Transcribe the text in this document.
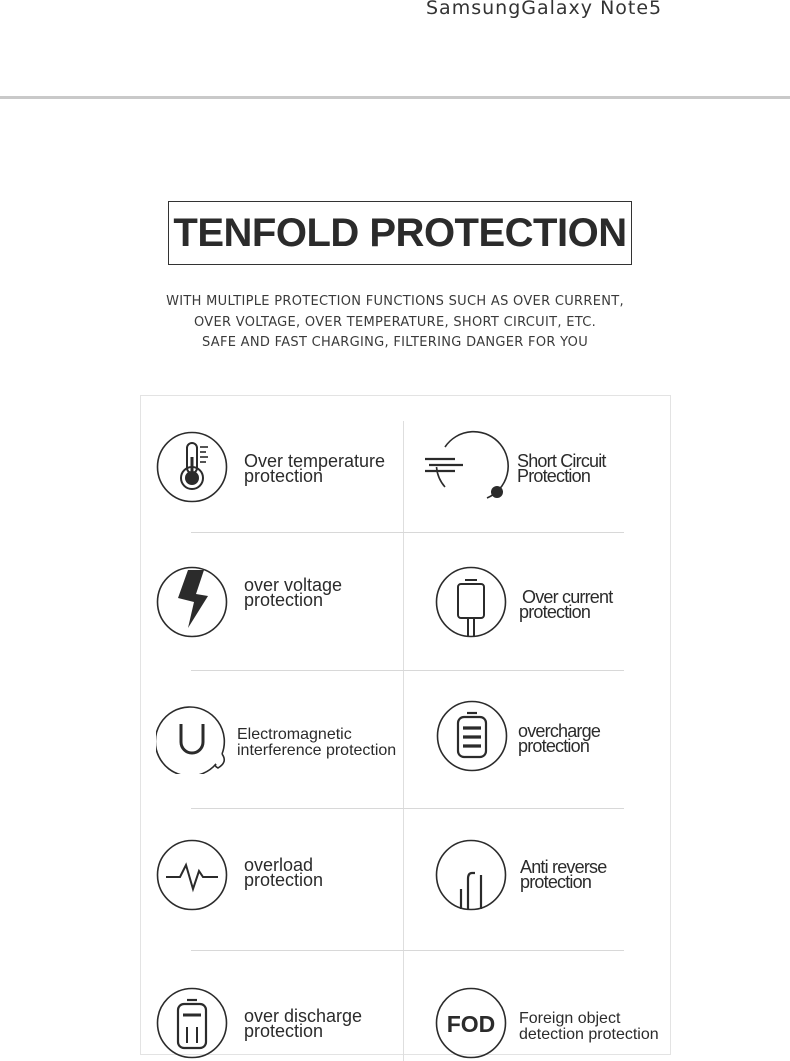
SamsungGalaxy Note5
TENFOLD PROTECTION
WITH MULTIPLE PROTECTION FUNCTIONS SUCH AS OVER CURRENT,
OVER VOLTAGE, OVER TEMPERATURE, SHORT CIRCUIT, ETC.
SAFE AND FAST CHARGING, FILTERING DANGER FOR YOU
Over temperature
protection
Short Circuit
Protection
over voltage
protection	Over current
protection
Electromagnetic
interference protection
overcharge
protection
overload
protection
Anti reverse
protection
over discharge
protection	FOD Foreign object
detection protection
